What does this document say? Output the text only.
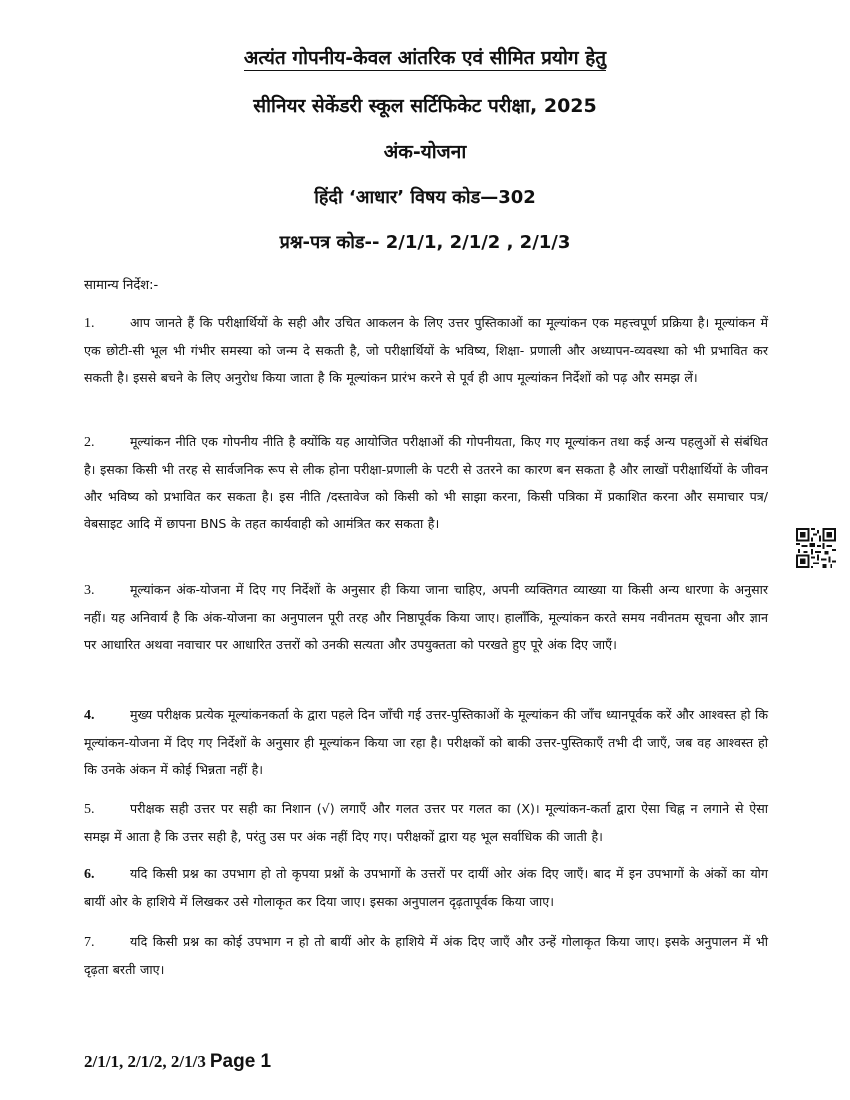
अत्यंत गोपनीय-केवल आंतरिक एवं सीमित प्रयोग हेतु
सीनियर सेकेंडरी स्कूल सर्टिफिकेट परीक्षा, 2025
अंक-योजना
हिंदी ‘आधार’ विषय कोड—302
प्रश्न-पत्र कोड-- 2/1/1, 2/1/2 , 2/1/3
सामान्य निर्देश:-
1.	आप जानते हैं कि परीक्षार्थियों के सही और उचित आकलन के लिए उत्तर पुस्तिकाओं का मूल्यांकन एक महत्त्वपूर्ण प्रक्रिया है। मूल्यांकन में एक छोटी-सी भूल भी गंभीर समस्या को जन्म दे सकती है, जो परीक्षार्थियों के भविष्य, शिक्षा- प्रणाली और अध्यापन-व्यवस्था को भी प्रभावित कर सकती है। इससे बचने के लिए अनुरोध किया जाता है कि मूल्यांकन प्रारंभ करने से पूर्व ही आप मूल्यांकन निर्देशों को पढ़ और समझ लें।
2.	मूल्यांकन नीति एक गोपनीय नीति है क्योंकि यह आयोजित परीक्षाओं की गोपनीयता, किए गए मूल्यांकन तथा कई अन्य पहलुओं से संबंधित है। इसका किसी भी तरह से सार्वजनिक रूप से लीक होना परीक्षा-प्रणाली के पटरी से उतरने का कारण बन सकता है और लाखों परीक्षार्थियों के जीवन और भविष्य को प्रभावित कर सकता है। इस नीति /दस्तावेज को किसी को भी साझा करना, किसी पत्रिका में प्रकाशित करना और समाचार पत्र/वेबसाइट आदि में छापना BNS के तहत कार्यवाही को आमंत्रित कर सकता है।
3.	मूल्यांकन अंक-योजना में दिए गए निर्देशों के अनुसार ही किया जाना चाहिए, अपनी व्यक्तिगत व्याख्या या किसी अन्य धारणा के अनुसार नहीं। यह अनिवार्य है कि अंक-योजना का अनुपालन पूरी तरह और निष्ठापूर्वक किया जाए। हालाँकि, मूल्यांकन करते समय नवीनतम सूचना और ज्ञान पर आधारित अथवा नवाचार पर आधारित उत्तरों को उनकी सत्यता और उपयुक्तता को परखते हुए पूरे अंक दिए जाएँ।
4.	मुख्य परीक्षक प्रत्येक मूल्यांकनकर्ता के द्वारा पहले दिन जाँची गई उत्तर-पुस्तिकाओं के मूल्यांकन की जाँच ध्यानपूर्वक करें और आश्वस्त हो कि मूल्यांकन-योजना में दिए गए निर्देशों के अनुसार ही मूल्यांकन किया जा रहा है। परीक्षकों को बाकी उत्तर-पुस्तिकाएँ तभी दी जाएँ, जब वह आश्वस्त हो कि उनके अंकन में कोई भिन्नता नहीं है।
5.	परीक्षक सही उत्तर पर सही का निशान (√) लगाएँ और गलत उत्तर पर गलत का (X)। मूल्यांकन-कर्ता द्वारा ऐसा चिह्न न लगाने से ऐसा समझ में आता है कि उत्तर सही है, परंतु उस पर अंक नहीं दिए गए। परीक्षकों द्वारा यह भूल सर्वाधिक की जाती है।
6.	यदि किसी प्रश्न का उपभाग हो तो कृपया प्रश्नों के उपभागों के उत्तरों पर दायीं ओर अंक दिए जाएँ। बाद में इन उपभागों के अंकों का योग बायीं ओर के हाशिये में लिखकर उसे गोलाकृत कर दिया जाए। इसका अनुपालन दृढ़तापूर्वक किया जाए।
7.	यदि किसी प्रश्न का कोई उपभाग न हो तो बायीं ओर के हाशिये में अंक दिए जाएँ और उन्हें गोलाकृत किया जाए। इसके अनुपालन में भी दृढ़ता बरती जाए।
2/1/1, 2/1/2, 2/1/3 Page 1
